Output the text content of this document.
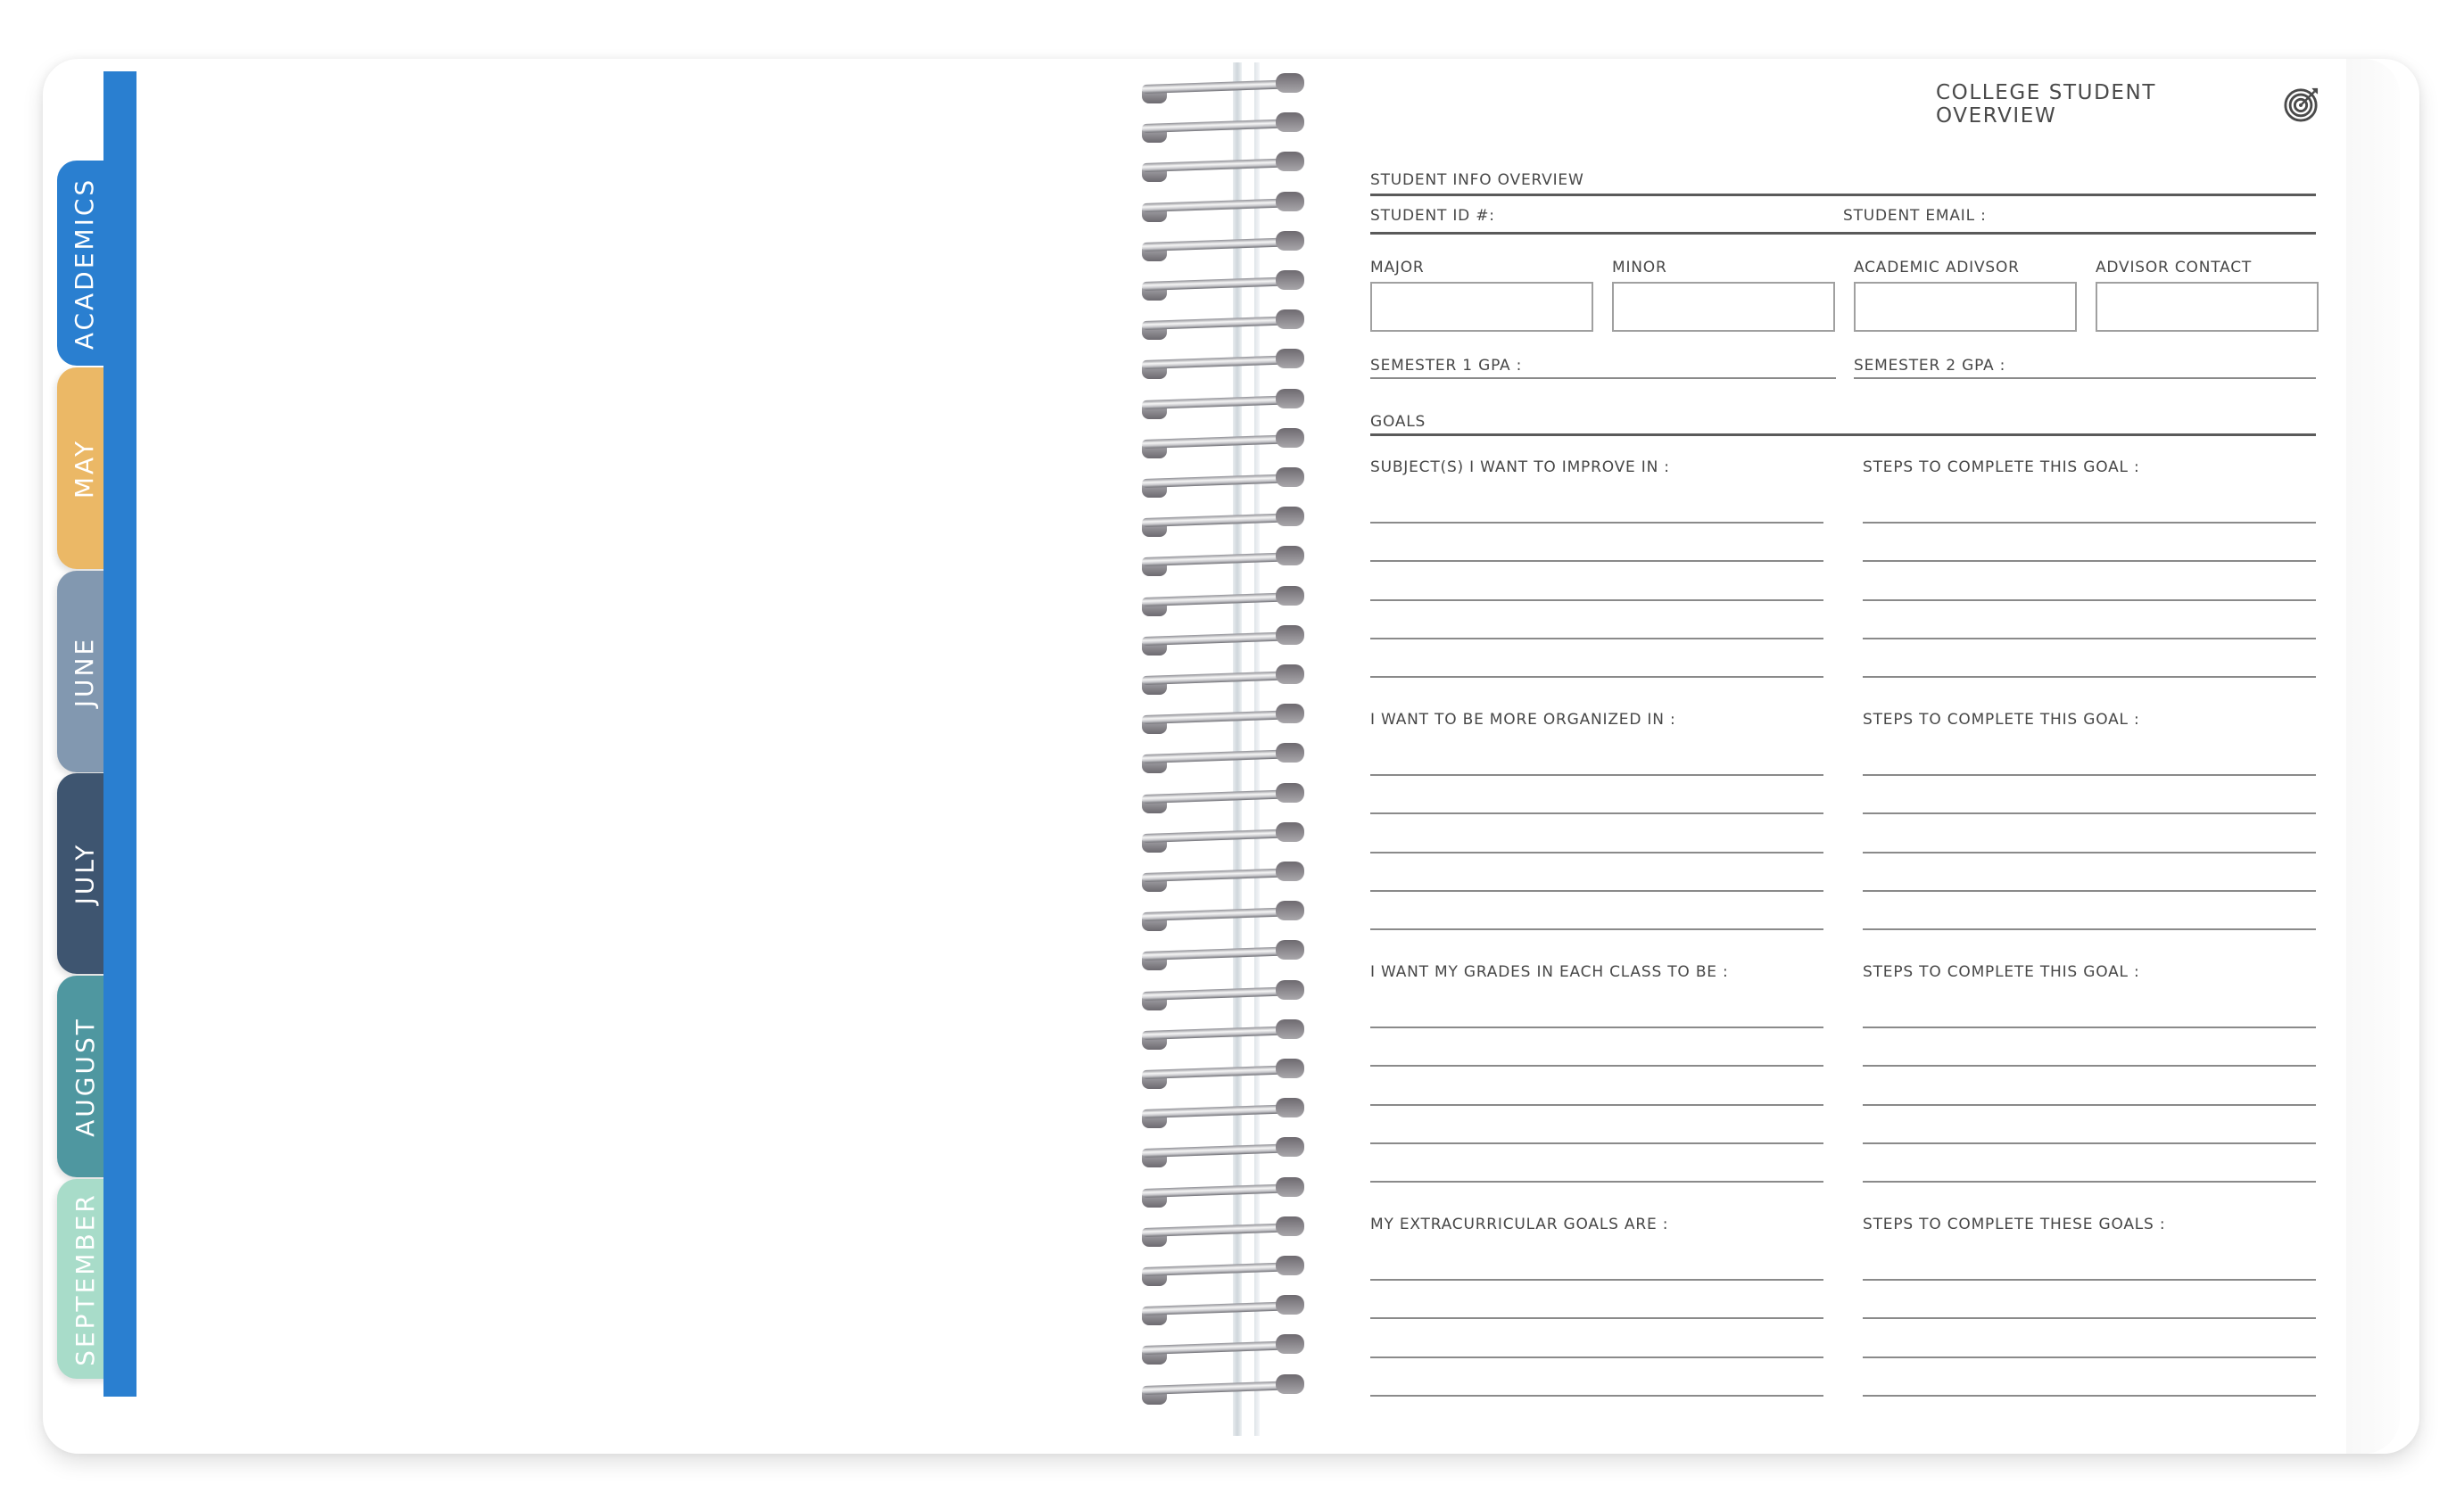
ACADEMICS
MAY
JUNE
JULY
AUGUST
SEPTEMBER
COLLEGE STUDENT OVERVIEW
STUDENT INFO OVERVIEW
STUDENT ID #:	STUDENT EMAIL :
MAJOR	MINOR	ACADEMIC ADIVSOR	ADVISOR CONTACT
SEMESTER 1 GPA :	SEMESTER 2 GPA :
GOALS
SUBJECT(S) I WANT TO IMPROVE IN :	STEPS TO COMPLETE THIS GOAL :
I WANT TO BE MORE ORGANIZED IN :	STEPS TO COMPLETE THIS GOAL :
I WANT MY GRADES IN EACH CLASS TO BE :	STEPS TO COMPLETE THIS GOAL :
MY EXTRACURRICULAR GOALS ARE :	STEPS TO COMPLETE THESE GOALS :
